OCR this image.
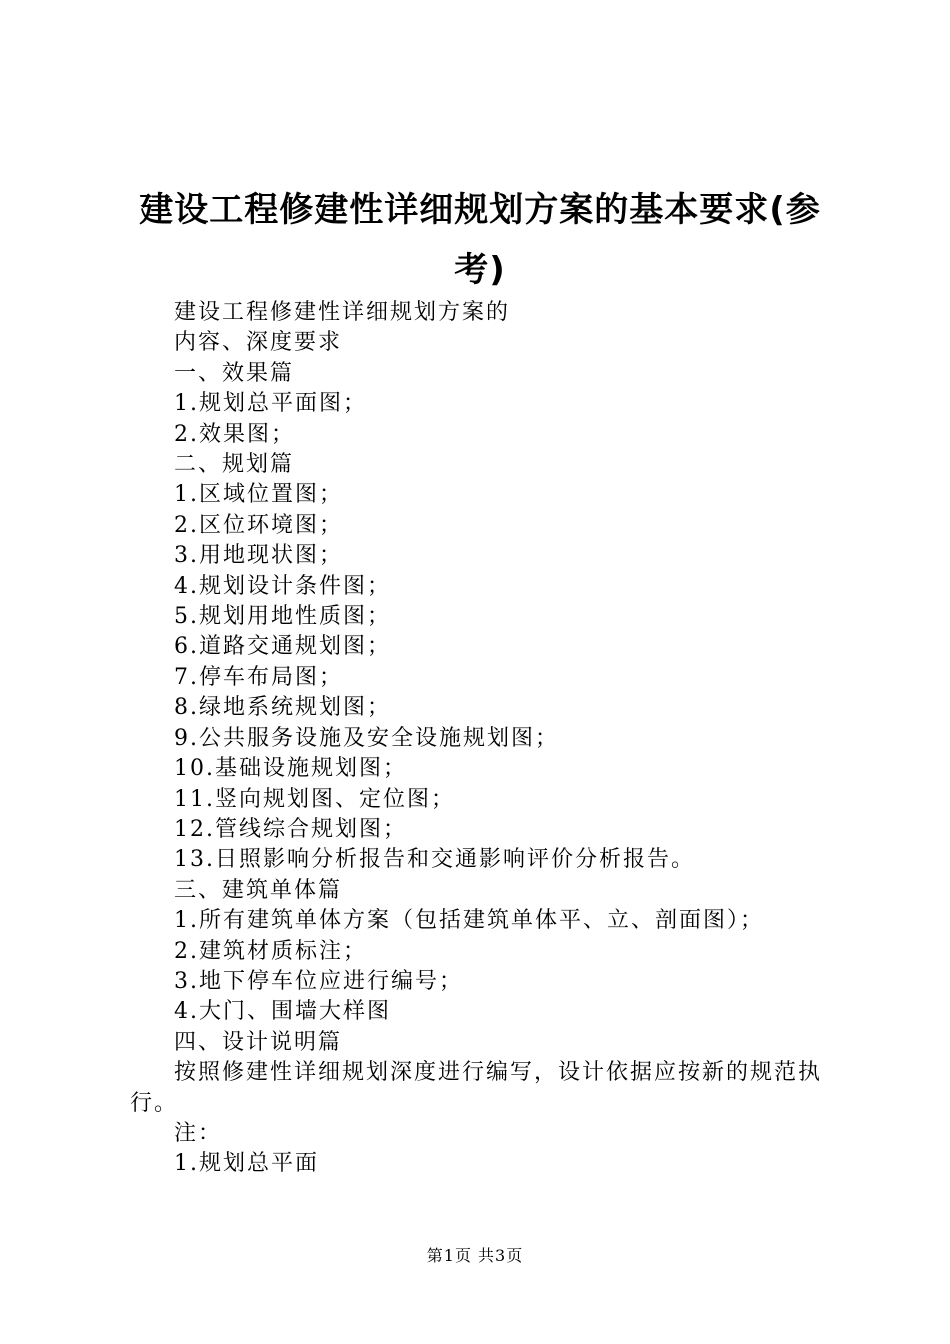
建设工程修建性详细规划方案的基本要求(参考)
建设工程修建性详细规划方案的
内容、深度要求
一、效果篇
1.规划总平面图；
2.效果图；
二、规划篇
1.区域位置图；
2.区位环境图；
3.用地现状图；
4.规划设计条件图；
5.规划用地性质图；
6.道路交通规划图；
7.停车布局图；
8.绿地系统规划图；
9.公共服务设施及安全设施规划图；
10.基础设施规划图；
11.竖向规划图、定位图；
12.管线综合规划图；
13.日照影响分析报告和交通影响评价分析报告。
三、建筑单体篇
1.所有建筑单体方案（包括建筑单体平、立、剖面图）；
2.建筑材质标注；
3.地下停车位应进行编号；
4.大门、围墙大样图
四、设计说明篇
按照修建性详细规划深度进行编写，设计依据应按新的规范执行。
注：
1.规划总平面
第1页 共3页
